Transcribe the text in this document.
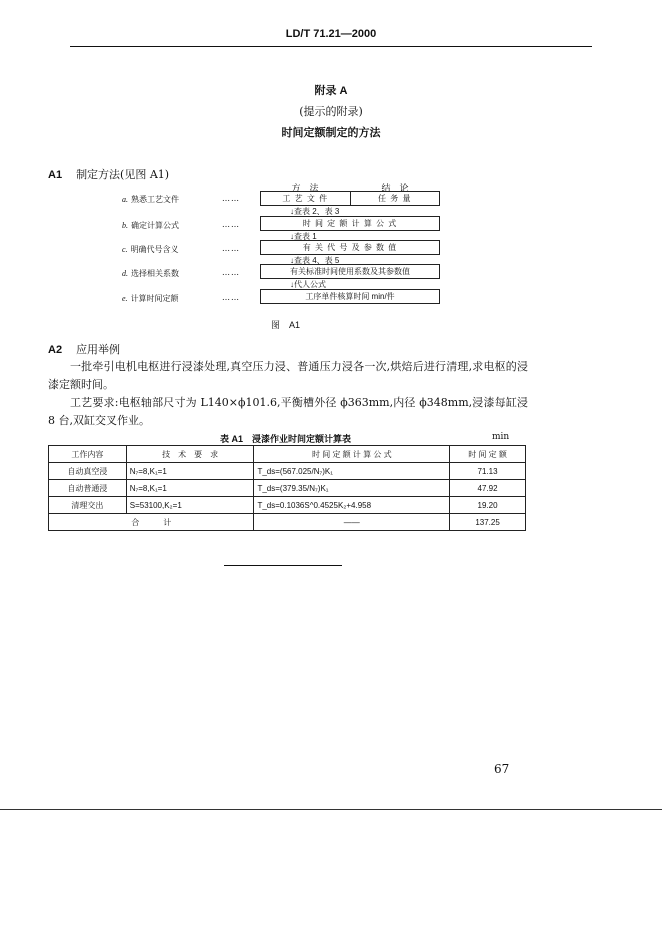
LD/T 71.21—2000
附录 A
(提示的附录)
时间定额制定的方法
A1 制定方法(见图 A1)
方　法	结　论
a. 熟悉工艺文件	……	工 艺 文 件	任 务 量
↓查表 2、表 3
b. 确定计算公式	……	时 间 定 额 计 算 公 式
↓查表 1
c. 明确代号含义	……	有 关 代 号 及 参 数 值
↓查表 4、表 5
d. 选择相关系数	……	有关标准时间使用系数及其参数值
↓代人公式
e. 计算时间定额	……	工序单件核算时间 min/件
图　A1
A2 应用举例
一批牵引电机电枢进行浸漆处理,真空压力浸、普通压力浸各一次,烘焙后进行清理,求电枢的浸漆定额时间。
工艺要求:电枢轴部尺寸为 L140×ϕ101.6,平衡槽外径 ϕ363mm,内径 ϕ348mm,浸漆每缸浸 8 台,双缸交叉作业。
表 A1　浸漆作业时间定额计算表	min
工作内容	技　术　要　求	时 间 定 额 计 算 公 式	时 间 定 额
自动真空浸	N₇=8,K₁=1	T_ds=(567.025/N₇)K₁	71.13
自动普通浸	N₇=8,K₁=1	T_ds=(379.35/N₇)K₁	47.92
清理交出	S=53100,K₂=1	T_ds=0.1036S^0.4525K₂+4.958	19.20
合　　　计		——	137.25
67
